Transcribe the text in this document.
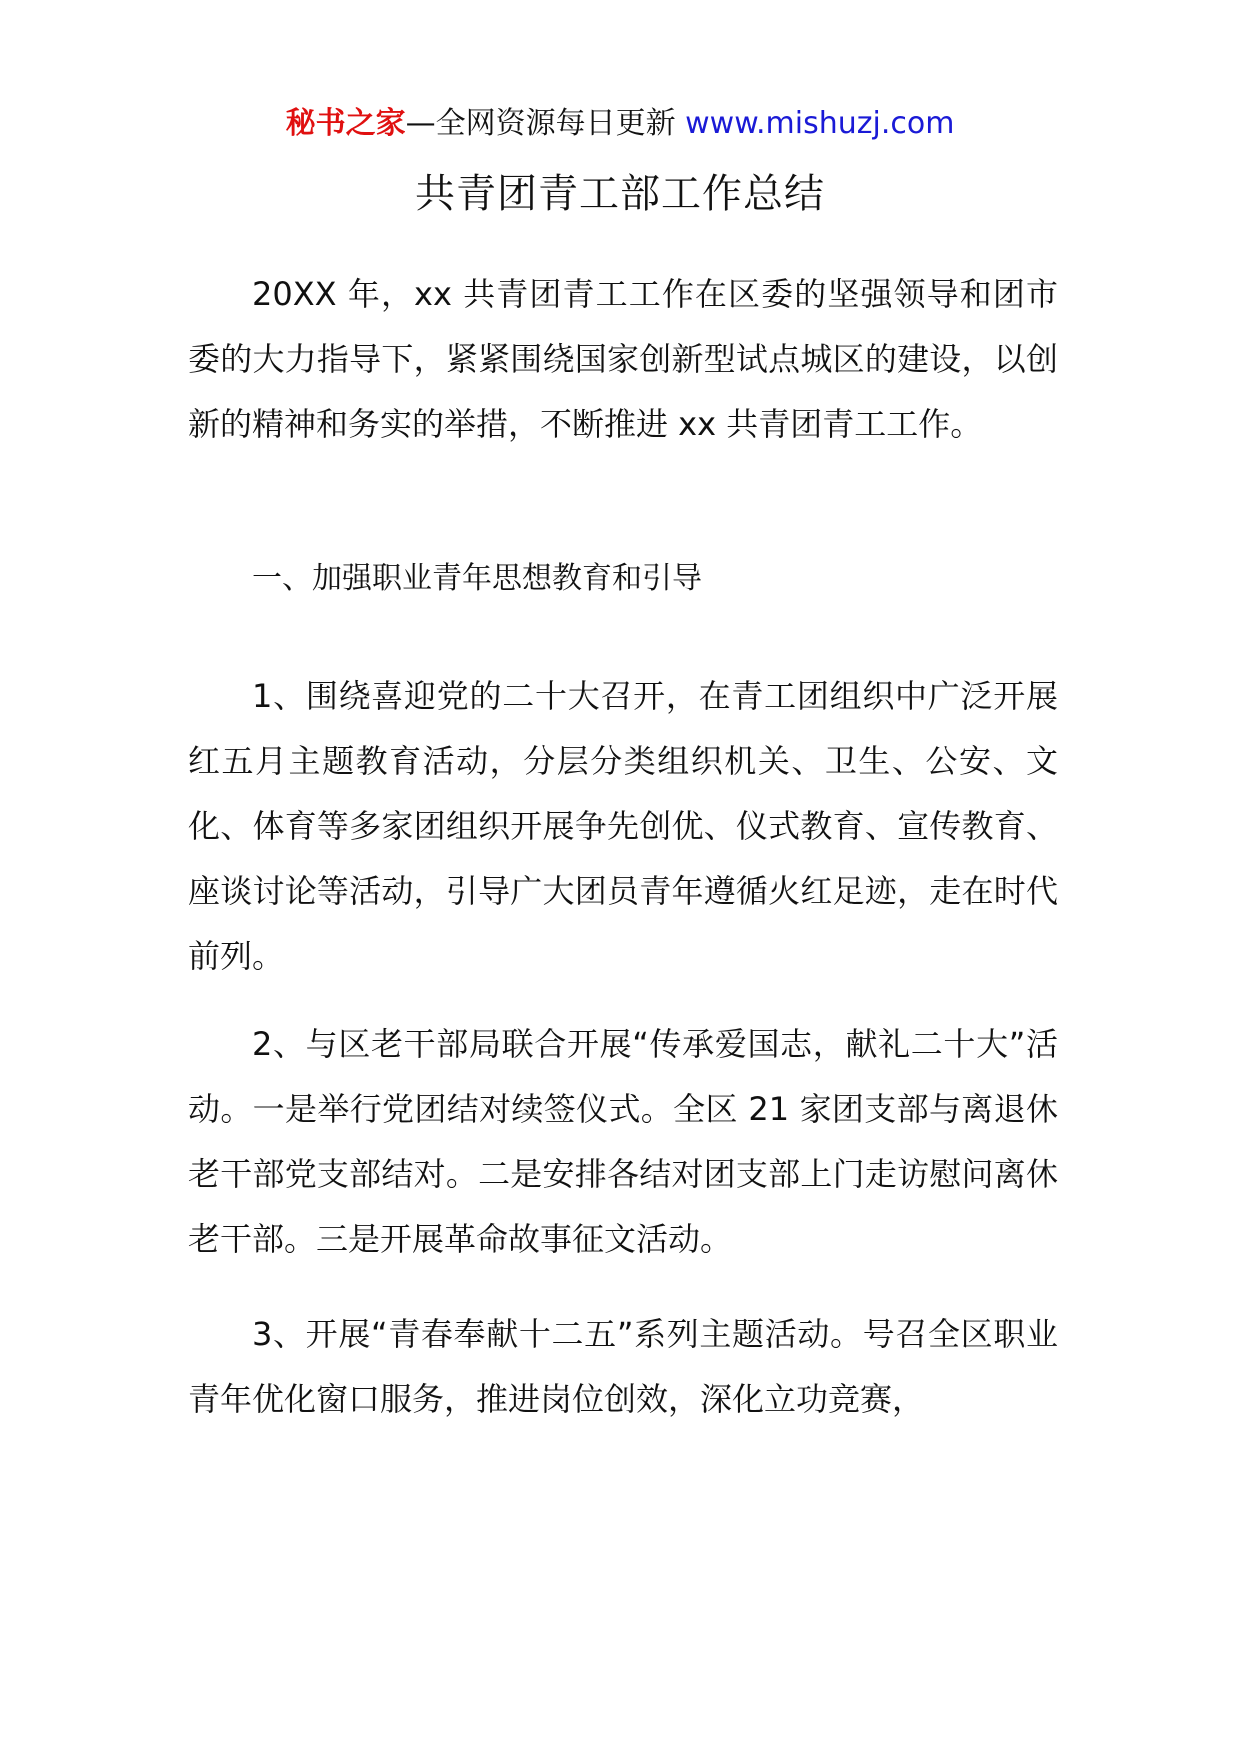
秘书之家—全网资源每日更新 www.mishuzj.com
共青团青工部工作总结

20XX 年，xx 共青团青工工作在区委的坚强领导和团市委的大力指导下，紧紧围绕国家创新型试点城区的建设，以创新的精神和务实的举措，不断推进 xx 共青团青工工作。

一、加强职业青年思想教育和引导

1、围绕喜迎党的二十大召开，在青工团组织中广泛开展红五月主题教育活动，分层分类组织机关、卫生、公安、文化、体育等多家团组织开展争先创优、仪式教育、宣传教育、座谈讨论等活动，引导广大团员青年遵循火红足迹，走在时代前列。

2、与区老干部局联合开展“传承爱国志，献礼二十大”活动。一是举行党团结对续签仪式。全区 21 家团支部与离退休老干部党支部结对。二是安排各结对团支部上门走访慰问离休老干部。三是开展革命故事征文活动。

3、开展“青春奉献十二五”系列主题活动。号召全区职业青年优化窗口服务，推进岗位创效，深化立功竞赛，
